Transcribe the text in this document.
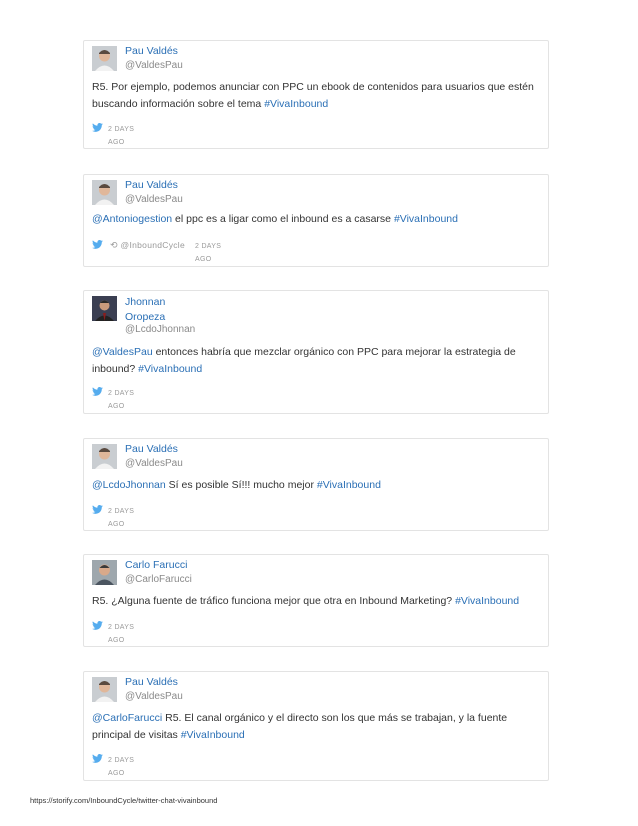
Pau Valdés
@ValdesPau
R5. Por ejemplo, podemos anunciar con PPC un ebook de contenidos para usuarios que estén buscando información sobre el tema #VivaInbound
2 DAYS
AGO
Pau Valdés
@ValdesPau
@Antoniogestion el ppc es a ligar como el inbound es a casarse #VivaInbound
⟲ @InboundCycle 2 DAYS
AGO
Jhonnan
Oropeza
@LcdoJhonnan
@ValdesPau entonces habría que mezclar orgánico con PPC para mejorar la estrategia de inbound? #VivaInbound
2 DAYS
AGO
Pau Valdés
@ValdesPau
@LcdoJhonnan Sí es posible Sí!!! mucho mejor #VivaInbound
2 DAYS
AGO
Carlo Farucci
@CarloFarucci
R5. ¿Alguna fuente de tráfico funciona mejor que otra en Inbound Marketing? #VivaInbound
2 DAYS
AGO
Pau Valdés
@ValdesPau
@CarloFarucci R5. El canal orgánico y el directo son los que más se trabajan, y la fuente principal de visitas #VivaInbound
2 DAYS
AGO
https://storify.com/InboundCycle/twitter-chat-vivainbound
